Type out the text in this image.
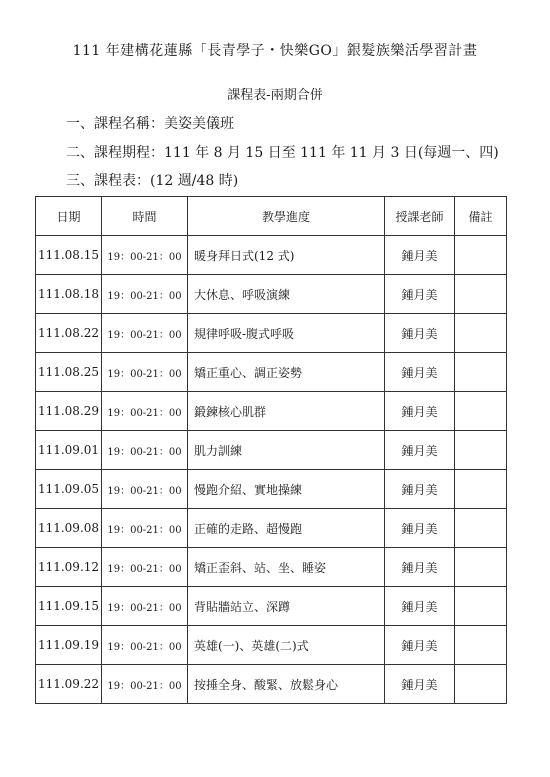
111 年建構花蓮縣「長青學子・快樂GO」銀髮族樂活學習計畫
課程表-兩期合併
一、課程名稱：美姿美儀班
二、課程期程：111 年 8 月 15 日至 111 年 11 月 3 日(每週一、四)
三、課程表：(12 週/48 時)
日期	時間	教學進度	授課老師	備註
111.08.15	19：00-21：00	暖身拜日式(12 式)	鍾月美	
111.08.18	19：00-21：00	大休息、呼吸演練	鍾月美	
111.08.22	19：00-21：00	規律呼吸-腹式呼吸	鍾月美	
111.08.25	19：00-21：00	矯正重心、調正姿勢	鍾月美	
111.08.29	19：00-21：00	鍛鍊核心肌群	鍾月美	
111.09.01	19：00-21：00	肌力訓練	鍾月美	
111.09.05	19：00-21：00	慢跑介紹、實地操練	鍾月美	
111.09.08	19：00-21：00	正確的走路、超慢跑	鍾月美	
111.09.12	19：00-21：00	矯正歪斜、站、坐、睡姿	鍾月美	
111.09.15	19：00-21：00	背貼牆站立、深蹲	鍾月美	
111.09.19	19：00-21：00	英雄(一)、英雄(二)式	鍾月美	
111.09.22	19：00-21：00	按捶全身、酸緊、放鬆身心	鍾月美	
